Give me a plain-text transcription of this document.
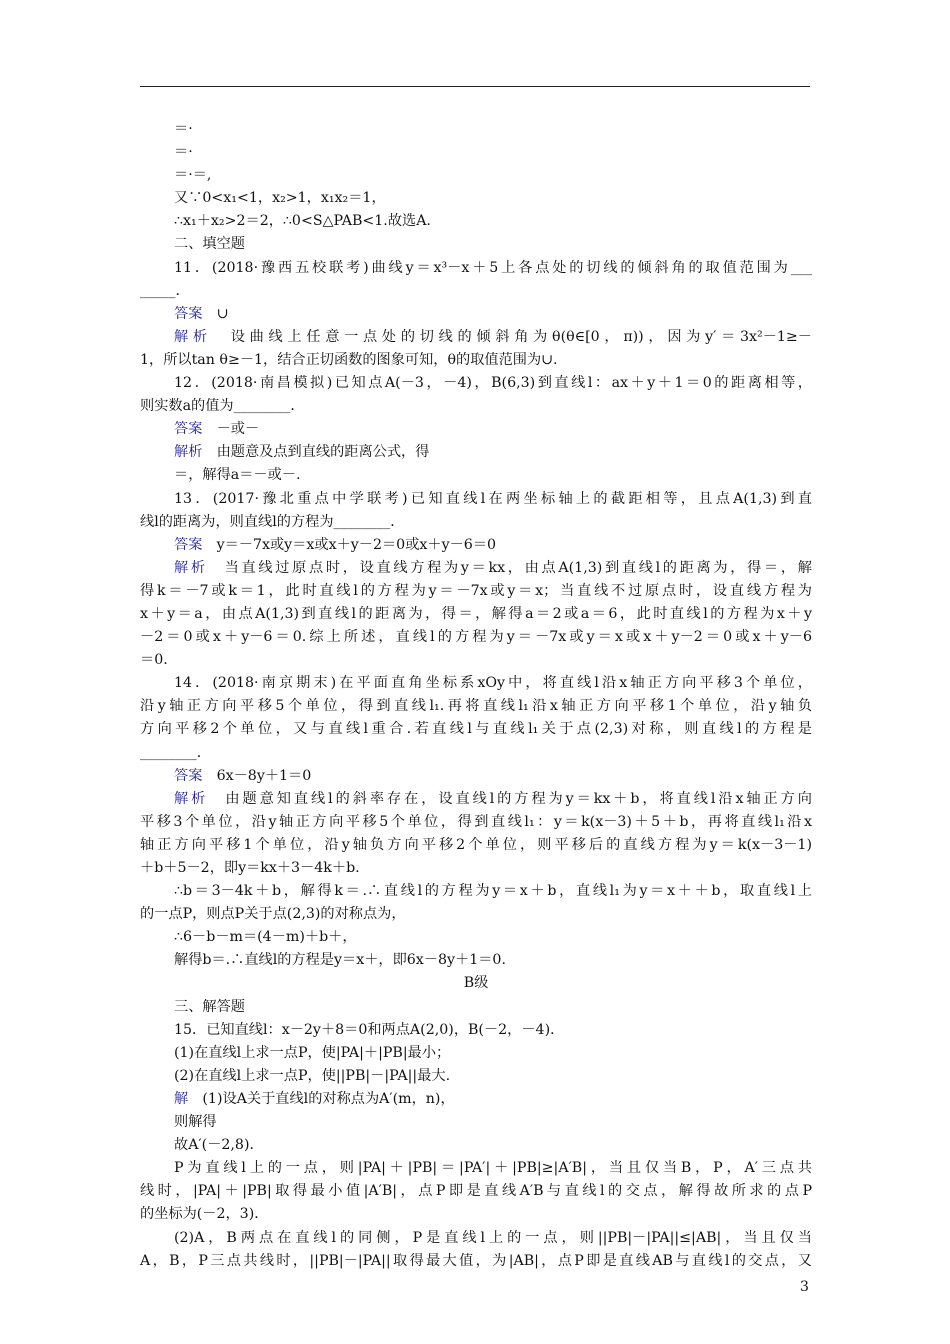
＝·
＝·
＝·＝,
又∵0<x₁<1，x₂>1，x₁x₂＝1，
∴x₁＋x₂>2＝2，∴0<S△PAB<1.故选A.
二、填空题
11．(2018·豫西五校联考)曲线y＝x³－x＋5上各点处的切线的倾斜角的取值范围为___
_____．
答案　∪
解析　设曲线上任意一点处的切线的倾斜角为θ(θ∈[0，π))，因为y′＝3x²－1≥－
1，所以tan θ≥－1，结合正切函数的图象可知，θ的取值范围为∪.
12．(2018·南昌模拟)已知点A(－3，－4)，B(6,3)到直线l：ax＋y＋1＝0的距离相等，
则实数a的值为________．
答案　－或－
解析　由题意及点到直线的距离公式，得
＝，解得a＝－或－.
13．(2017·豫北重点中学联考)已知直线l在两坐标轴上的截距相等，且点A(1,3)到直
线l的距离为，则直线l的方程为________．
答案　y＝－7x或y＝x或x＋y－2＝0或x＋y－6＝0
解析　当直线过原点时，设直线方程为y＝kx，由点A(1,3)到直线l的距离为，得＝，解
得k＝－7或k＝1，此时直线l的方程为y＝－7x或y＝x；当直线不过原点时，设直线方程为
x＋y＝a，由点A(1,3)到直线l的距离为，得＝，解得a＝2或a＝6，此时直线l的方程为x＋y
－2＝0或x＋y－6＝0.综上所述，直线l的方程为y＝－7x或y＝x或x＋y－2＝0或x＋y－6
＝0.
14．(2018·南京期末)在平面直角坐标系xOy中，将直线l沿x轴正方向平移3个单位，
沿y轴正方向平移5个单位，得到直线l₁.再将直线l₁沿x轴正方向平移1个单位，沿y轴负
方向平移2个单位，又与直线l重合.若直线l与直线l₁关于点(2,3)对称，则直线l的方程是
________．
答案　6x－8y＋1＝0
解析　由题意知直线l的斜率存在，设直线l的方程为y＝kx＋b，将直线l沿x轴正方向
平移3个单位，沿y轴正方向平移5个单位，得到直线l₁：y＝k(x－3)＋5＋b，再将直线l₁沿x
轴正方向平移1个单位，沿y轴负方向平移2个单位，则平移后的直线方程为y＝k(x－3－1)
＋b＋5－2，即y＝kx＋3－4k＋b.
∴b＝3－4k＋b，解得k＝.∴直线l的方程为y＝x＋b，直线l₁为y＝x＋＋b，取直线l上
的一点P，则点P关于点(2,3)的对称点为，
∴6－b－m＝(4－m)＋b＋，
解得b＝.∴直线l的方程是y＝x＋，即6x－8y＋1＝0.
B级
三、解答题
15．已知直线l：x－2y＋8＝0和两点A(2,0)，B(－2，－4)．
(1)在直线l上求一点P，使|PA|＋|PB|最小；
(2)在直线l上求一点P，使||PB|－|PA||最大.
解　(1)设A关于直线l的对称点为A′(m，n)，
则解得
故A′(－2,8)．
P为直线l上的一点，则|PA|＋|PB|＝|PA′|＋|PB|≥|A′B|，当且仅当B，P，A′三点共
线时，|PA|＋|PB|取得最小值|A′B|，点P即是直线A′B与直线l的交点，解得故所求的点P
的坐标为(－2，3)．
(2)A，B两点在直线l的同侧，P是直线l上的一点，则||PB|－|PA||≤|AB|，当且仅当
A，B，P三点共线时，||PB|－|PA||取得最大值，为|AB|，点P即是直线AB与直线l的交点，又
3
